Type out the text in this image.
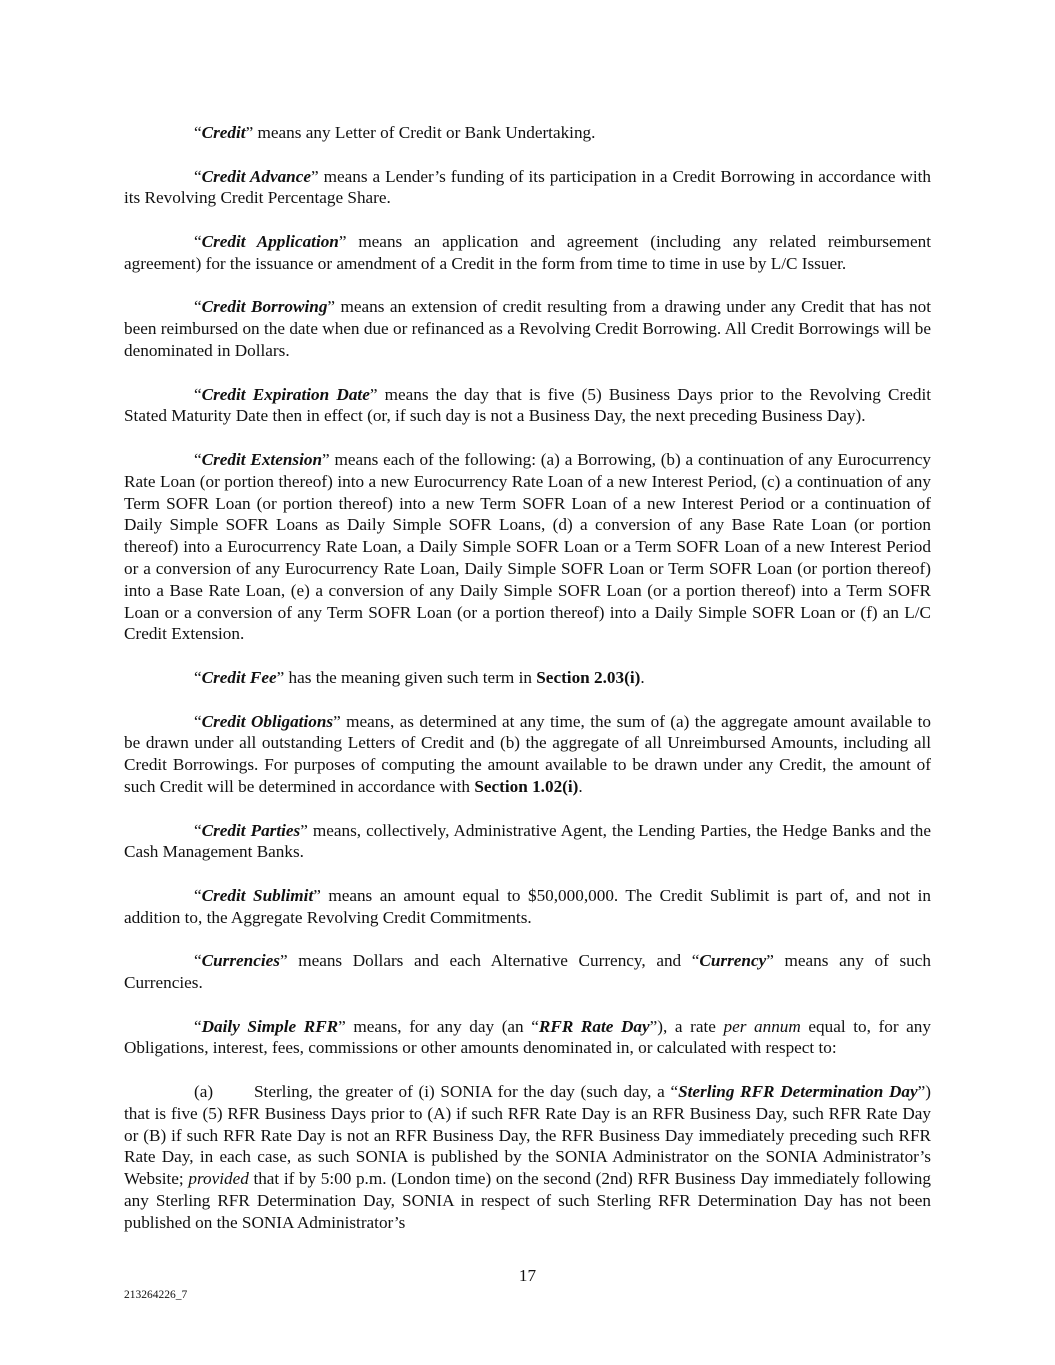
“Credit” means any Letter of Credit or Bank Undertaking.

“Credit Advance” means a Lender’s funding of its participation in a Credit Borrowing in accordance with its Revolving Credit Percentage Share.

“Credit Application” means an application and agreement (including any related reimbursement agreement) for the issuance or amendment of a Credit in the form from time to time in use by L/C Issuer.

“Credit Borrowing” means an extension of credit resulting from a drawing under any Credit that has not been reimbursed on the date when due or refinanced as a Revolving Credit Borrowing. All Credit Borrowings will be denominated in Dollars.

“Credit Expiration Date” means the day that is five (5) Business Days prior to the Revolving Credit Stated Maturity Date then in effect (or, if such day is not a Business Day, the next preceding Business Day).

“Credit Extension” means each of the following: (a) a Borrowing, (b) a continuation of any Eurocurrency Rate Loan (or portion thereof) into a new Eurocurrency Rate Loan of a new Interest Period, (c) a continuation of any Term SOFR Loan (or portion thereof) into a new Term SOFR Loan of a new Interest Period or a continuation of Daily Simple SOFR Loans as Daily Simple SOFR Loans, (d) a conversion of any Base Rate Loan (or portion thereof) into a Eurocurrency Rate Loan, a Daily Simple SOFR Loan or a Term SOFR Loan of a new Interest Period or a conversion of any Eurocurrency Rate Loan, Daily Simple SOFR Loan or Term SOFR Loan (or portion thereof) into a Base Rate Loan, (e) a conversion of any Daily Simple SOFR Loan (or a portion thereof) into a Term SOFR Loan or a conversion of any Term SOFR Loan (or a portion thereof) into a Daily Simple SOFR Loan or (f) an L/C Credit Extension.

“Credit Fee” has the meaning given such term in Section 2.03(i).

“Credit Obligations” means, as determined at any time, the sum of (a) the aggregate amount available to be drawn under all outstanding Letters of Credit and (b) the aggregate of all Unreimbursed Amounts, including all Credit Borrowings. For purposes of computing the amount available to be drawn under any Credit, the amount of such Credit will be determined in accordance with Section 1.02(i).

“Credit Parties” means, collectively, Administrative Agent, the Lending Parties, the Hedge Banks and the Cash Management Banks.

“Credit Sublimit” means an amount equal to $50,000,000. The Credit Sublimit is part of, and not in addition to, the Aggregate Revolving Credit Commitments.

“Currencies” means Dollars and each Alternative Currency, and “Currency” means any of such Currencies.

“Daily Simple RFR” means, for any day (an “RFR Rate Day”), a rate per annum equal to, for any Obligations, interest, fees, commissions or other amounts denominated in, or calculated with respect to:

(a) Sterling, the greater of (i) SONIA for the day (such day, a “Sterling RFR Determination Day”) that is five (5) RFR Business Days prior to (A) if such RFR Rate Day is an RFR Business Day, such RFR Rate Day or (B) if such RFR Rate Day is not an RFR Business Day, the RFR Business Day immediately preceding such RFR Rate Day, in each case, as such SONIA is published by the SONIA Administrator on the SONIA Administrator’s Website; provided that if by 5:00 p.m. (London time) on the second (2nd) RFR Business Day immediately following any Sterling RFR Determination Day, SONIA in respect of such Sterling RFR Determination Day has not been published on the SONIA Administrator’s

17
213264226_7
